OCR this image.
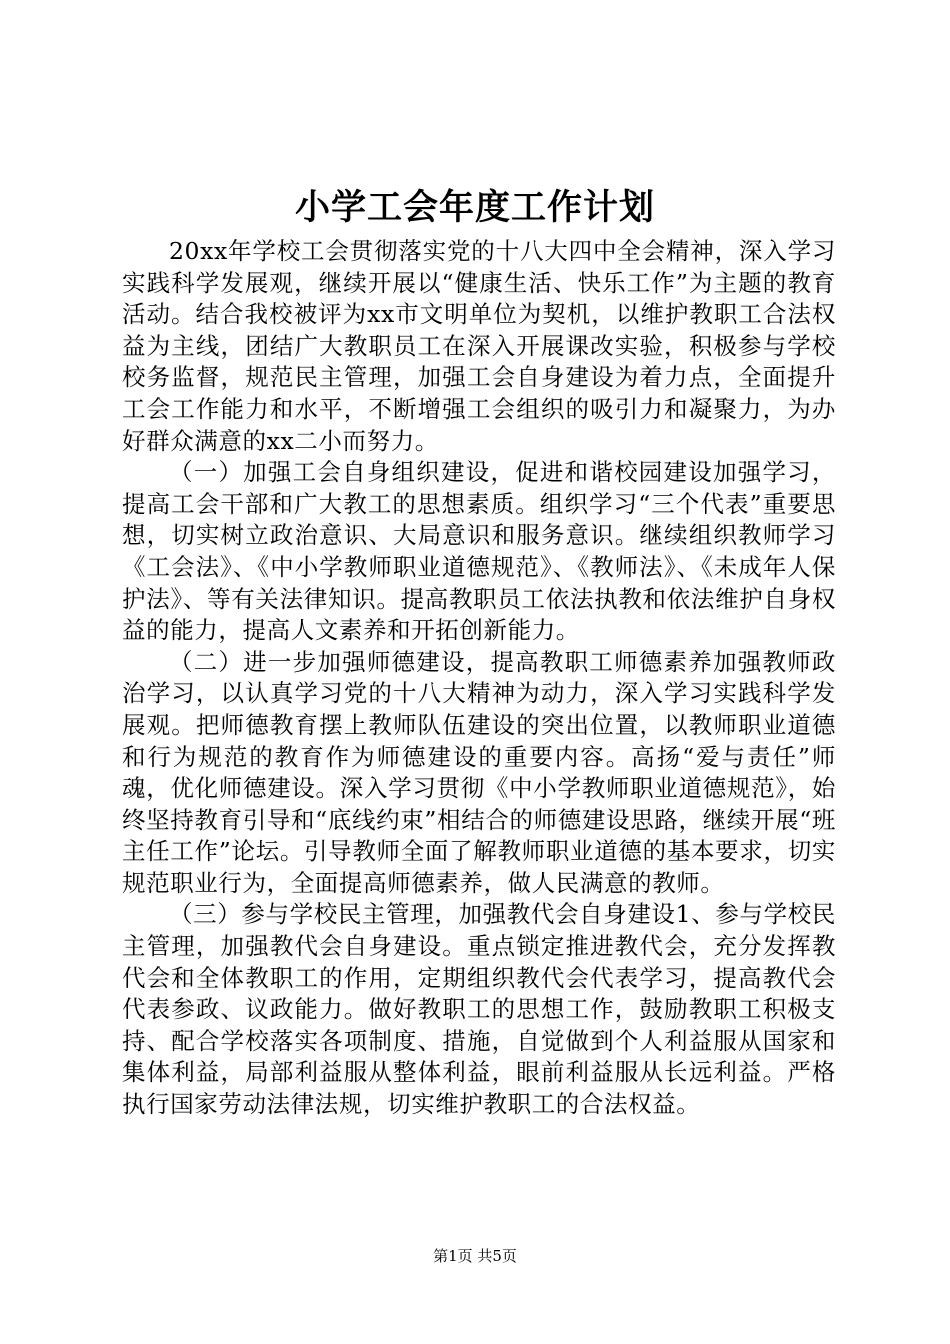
小学工会年度工作计划

20xx年学校工会贯彻落实党的十八大四中全会精神，深入学习实践科学发展观，继续开展以“健康生活、快乐工作”为主题的教育活动。结合我校被评为xx市文明单位为契机，以维护教职工合法权益为主线，团结广大教职员工在深入开展课改实验，积极参与学校校务监督，规范民主管理，加强工会自身建设为着力点，全面提升工会工作能力和水平，不断增强工会组织的吸引力和凝聚力，为办好群众满意的xx二小而努力。

（一）加强工会自身组织建设，促进和谐校园建设加强学习，提高工会干部和广大教工的思想素质。组织学习“三个代表”重要思想，切实树立政治意识、大局意识和服务意识。继续组织教师学习《工会法》、《中小学教师职业道德规范》、《教师法》、《未成年人保护法》、等有关法律知识。提高教职员工依法执教和依法维护自身权益的能力，提高人文素养和开拓创新能力。

（二）进一步加强师德建设，提高教职工师德素养加强教师政治学习，以认真学习党的十八大精神为动力，深入学习实践科学发展观。把师德教育摆上教师队伍建设的突出位置，以教师职业道德和行为规范的教育作为师德建设的重要内容。高扬“爱与责任”师魂，优化师德建设。深入学习贯彻《中小学教师职业道德规范》，始终坚持教育引导和“底线约束”相结合的师德建设思路，继续开展“班主任工作”论坛。引导教师全面了解教师职业道德的基本要求，切实规范职业行为，全面提高师德素养，做人民满意的教师。

（三）参与学校民主管理，加强教代会自身建设1、参与学校民主管理，加强教代会自身建设。重点锁定推进教代会，充分发挥教代会和全体教职工的作用，定期组织教代会代表学习，提高教代会代表参政、议政能力。做好教职工的思想工作，鼓励教职工积极支持、配合学校落实各项制度、措施，自觉做到个人利益服从国家和集体利益，局部利益服从整体利益，眼前利益服从长远利益。严格执行国家劳动法律法规，切实维护教职工的合法权益。

第1页 共5页
